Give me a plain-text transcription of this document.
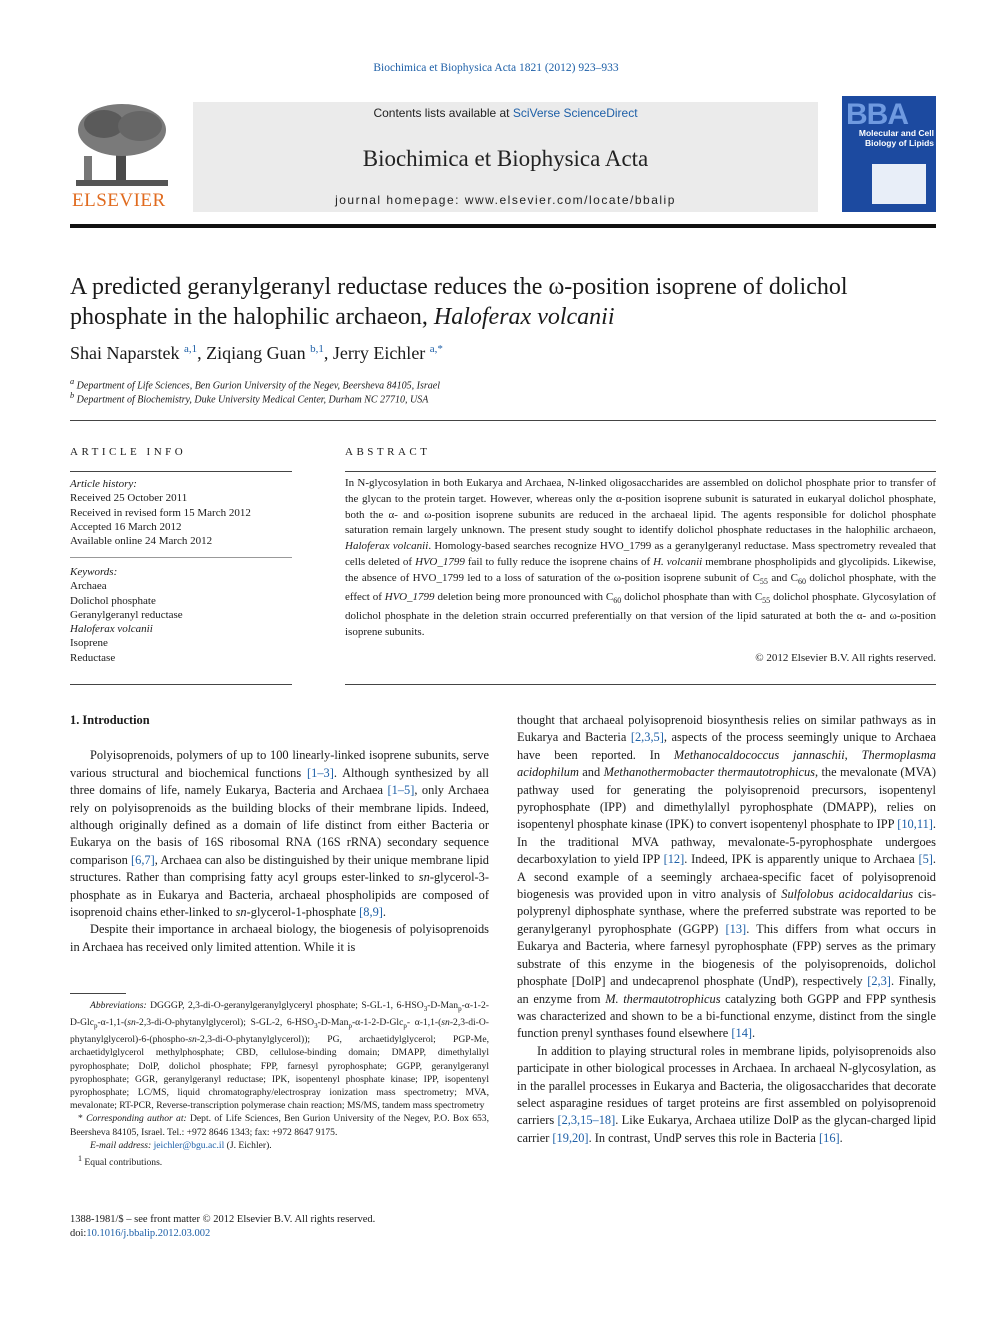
Biochimica et Biophysica Acta 1821 (2012) 923–933
ELSEVIER
Contents lists available at SciVerse ScienceDirect
Biochimica et Biophysica Acta
journal homepage: www.elsevier.com/locate/bbalip
BBA
Molecular and Cell Biology of Lipids
A predicted geranylgeranyl reductase reduces the ω-position isoprene of dolichol phosphate in the halophilic archaeon, Haloferax volcanii
Shai Naparstek $^{a,1}$, Ziqiang Guan $^{b,1}$, Jerry Eichler $^{a,*}$
$^a$ Department of Life Sciences, Ben Gurion University of the Negev, Beersheva 84105, Israel
$^b$ Department of Biochemistry, Duke University Medical Center, Durham NC 27710, USA
ARTICLE INFO
Article history:
Received 25 October 2011
Received in revised form 15 March 2012
Accepted 16 March 2012
Available online 24 March 2012
Keywords:
Archaea
Dolichol phosphate
Geranylgeranyl reductase
Haloferax volcanii
Isoprene
Reductase
ABSTRACT
In N-glycosylation in both Eukarya and Archaea, N-linked oligosaccharides are assembled on dolichol phosphate prior to transfer of the glycan to the protein target. However, whereas only the α-position isoprene subunit is saturated in eukaryal dolichol phosphate, both the α- and ω-position isoprene subunits are reduced in the archaeal lipid. The agents responsible for dolichol phosphate saturation remain largely unknown. The present study sought to identify dolichol phosphate reductases in the halophilic archaeon, Haloferax volcanii. Homology-based searches recognize HVO_1799 as a geranylgeranyl reductase. Mass spectrometry revealed that cells deleted of HVO_1799 fail to fully reduce the isoprene chains of H. volcanii membrane phospholipids and glycolipids. Likewise, the absence of HVO_1799 led to a loss of saturation of the ω-position isoprene subunit of $C_{55}$ and $C_{60}$ dolichol phosphate, with the effect of HVO_1799 deletion being more pronounced with $C_{60}$ dolichol phosphate than with $C_{55}$ dolichol phosphate. Glycosylation of dolichol phosphate in the deletion strain occurred preferentially on that version of the lipid saturated at both the α- and ω-position isoprene subunits.
© 2012 Elsevier B.V. All rights reserved.
1. Introduction

Polyisoprenoids, polymers of up to 100 linearly-linked isoprene subunits, serve various structural and biochemical functions [1–3]. Although synthesized by all three domains of life, namely Eukarya, Bacteria and Archaea [1–5], only Archaea rely on polyisoprenoids as the building blocks of their membrane lipids. Indeed, although originally defined as a domain of life distinct from either Bacteria or Eukarya on the basis of 16S ribosomal RNA (16S rRNA) secondary sequence comparison [6,7], Archaea can also be distinguished by their unique membrane lipid structures. Rather than comprising fatty acyl groups ester-linked to sn-glycerol-3-phosphate as in Eukarya and Bacteria, archaeal phospholipids are composed of isoprenoid chains ether-linked to sn-glycerol-1-phosphate [8,9].

Despite their importance in archaeal biology, the biogenesis of polyisoprenoids in Archaea has received only limited attention. While it is

Abbreviations: DGGGP, 2,3-di-O-geranylgeranylglyceryl phosphate; S-GL-1, $6-HSO_3-D-Man_p-\alpha-1-2-D-Glc_p-\alpha-1,1-(sn-2,3-di-O-phytanylglycerol)$; S-GL-2, $6-HSO_3-D-Man_p-\alpha-1-2-D-Glc_p-$ α-1,1-(sn-2,3-di-O-phytanylglycerol)-6-(phospho-sn-2,3-di-O-phytanylglycerol)); PG, archaetidylglycerol; PGP-Me, archaetidylglycerol methylphosphate; CBD, cellulose-binding domain; DMAPP, dimethylallyl pyrophosphate; DolP, dolichol phosphate; FPP, farnesyl pyrophosphate; GGPP, geranylgeranyl pyrophosphate; GGR, geranylgeranyl reductase; IPK, isopentenyl phosphate kinase; IPP, isopentenyl pyrophosphate; LC/MS, liquid chromatography/electrospray ionization mass spectrometry; MVA, mevalonate; RT-PCR, Reverse-transcription polymerase chain reaction; MS/MS, tandem mass spectrometry

* Corresponding author at: Dept. of Life Sciences, Ben Gurion University of the Negev, P.O. Box 653, Beersheva 84105, Israel. Tel.: +972 8646 1343; fax: +972 8647 9175.

E-mail address: jeichler@bgu.ac.il (J. Eichler).

$^1$ Equal contributions.

1388-1981/$ – see front matter © 2012 Elsevier B.V. All rights reserved.
doi:10.1016/j.bbalip.2012.03.002

thought that archaeal polyisoprenoid biosynthesis relies on similar pathways as in Eukarya and Bacteria [2,3,5], aspects of the process seemingly unique to Archaea have been reported. In Methanocaldococcus jannaschii, Thermoplasma acidophilum and Methanothermobacter thermautotrophicus, the mevalonate (MVA) pathway used for generating the polyisoprenoid precursors, isopentenyl pyrophosphate (IPP) and dimethylallyl pyrophosphate (DMAPP), relies on isopentenyl phosphate kinase (IPK) to convert isopentenyl phosphate to IPP [10,11]. In the traditional MVA pathway, mevalonate-5-pyrophosphate undergoes decarboxylation to yield IPP [12]. Indeed, IPK is apparently unique to Archaea [5]. A second example of a seemingly archaea-specific facet of polyisoprenoid biogenesis was provided upon in vitro analysis of Sulfolobus acidocaldarius cis-polyprenyl diphosphate synthase, where the preferred substrate was reported to be geranylgeranyl pyrophosphate (GGPP) [13]. This differs from what occurs in Eukarya and Bacteria, where farnesyl pyrophosphate (FPP) serves as the primary substrate of this enzyme in the biogenesis of the polyisoprenoids, dolichol phosphate [DolP] and undecaprenol phosphate (UndP), respectively [2,3]. Finally, an enzyme from M. thermautotrophicus catalyzing both GGPP and FPP synthesis was characterized and shown to be a bi-functional enzyme, distinct from the single function prenyl synthases found elsewhere [14].

In addition to playing structural roles in membrane lipids, polyisoprenoids also participate in other biological processes in Archaea. In archaeal N-glycosylation, as in the parallel processes in Eukarya and Bacteria, the oligosaccharides that decorate select asparagine residues of target proteins are first assembled on polyisoprenoid carriers [2,3,15–18]. Like Eukarya, Archaea utilize DolP as the glycan-charged lipid carrier [19,20]. In contrast, UndP serves this role in Bacteria [16].
